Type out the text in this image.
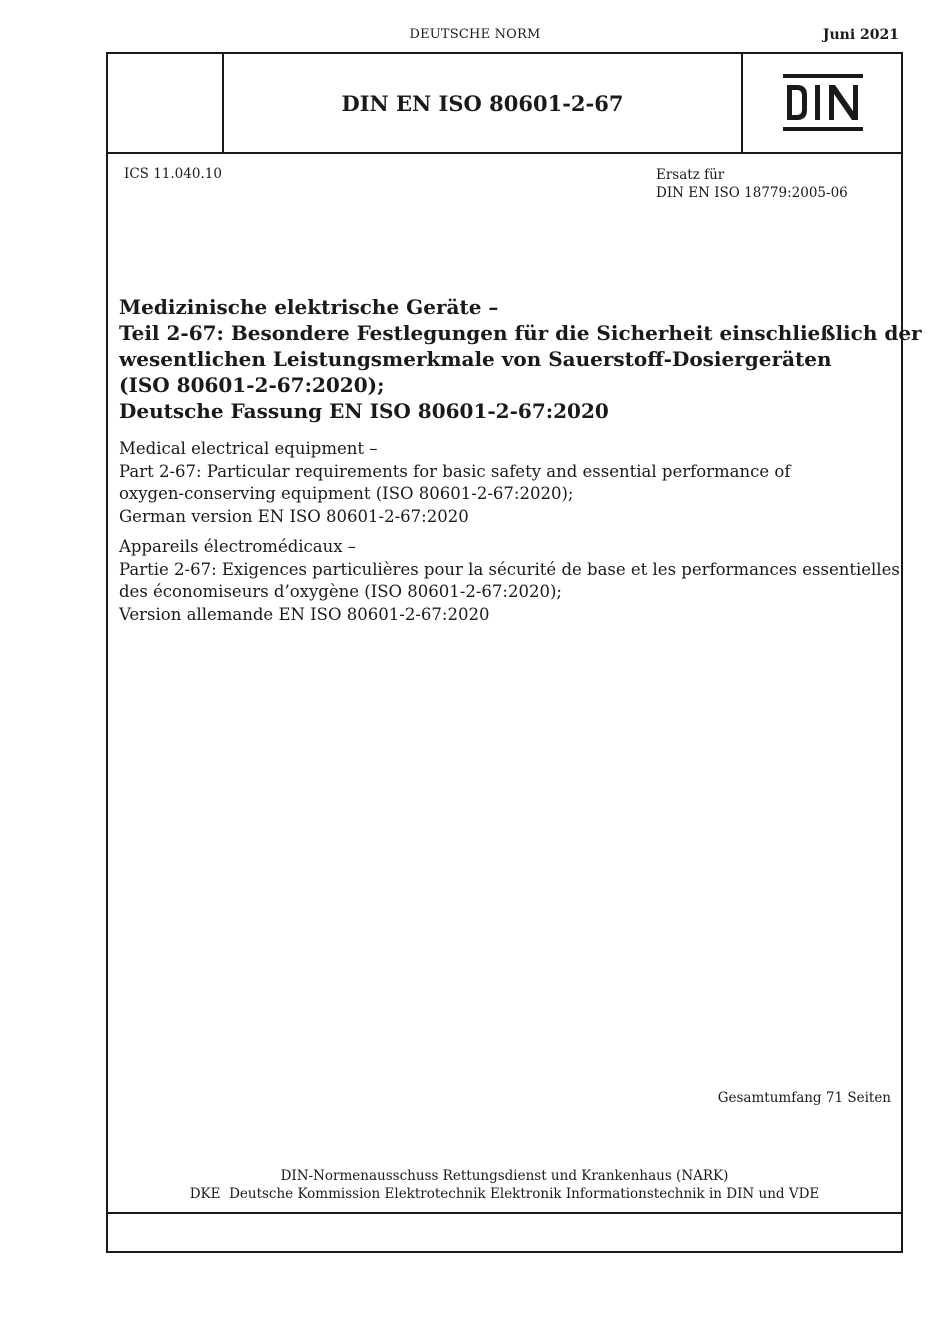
DEUTSCHE NORM	Juni 2021
DIN EN ISO 80601-2-67
ICS 11.040.10	Ersatz für
DIN EN ISO 18779:2005-06
Medizinische elektrische Geräte –
Teil 2-67: Besondere Festlegungen für die Sicherheit einschließlich der
wesentlichen Leistungsmerkmale von Sauerstoff-Dosiergeräten
(ISO 80601-2-67:2020);
Deutsche Fassung EN ISO 80601-2-67:2020
Medical electrical equipment –
Part 2-67: Particular requirements for basic safety and essential performance of
oxygen-conserving equipment (ISO 80601-2-67:2020);
German version EN ISO 80601-2-67:2020
Appareils électromédicaux –
Partie 2-67: Exigences particulières pour la sécurité de base et les performances essentielles
des économiseurs d’oxygène (ISO 80601-2-67:2020);
Version allemande EN ISO 80601-2-67:2020
Gesamtumfang 71 Seiten
DIN-Normenausschuss Rettungsdienst und Krankenhaus (NARK)
DKE  Deutsche Kommission Elektrotechnik Elektronik Informationstechnik in DIN und VDE
